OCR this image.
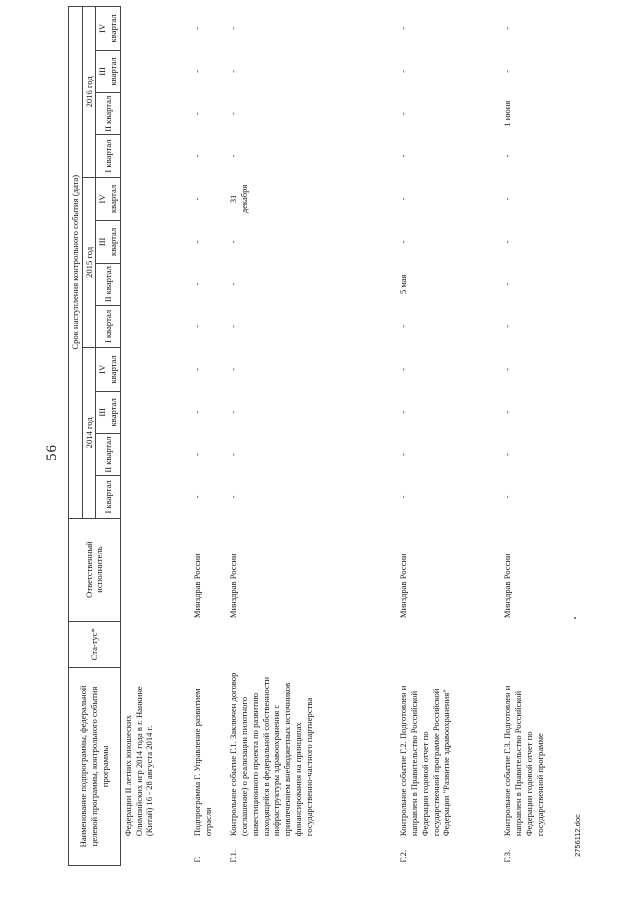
56
Наименование подпрограммы, федеральной целевой программы, контрольного события программы		Ста-тус*	Ответственный исполнитель	Срок наступления контрольного события (дата)											
				2014 год				2015 год				2016 год			
				I квартал	II квартал	III квартал	IV квартал	I квартал	II квартал	III квартал	IV квартал	I квартал	II квартал	III квартал	IV квартал
	Федерации II летних юношеских Олимпийских игр 2014 года в г. Нанкине (Китай) 16 - 28 августа 2014 г.														
Г.	Подпрограмма Г. Управление развитием отрасли		Минздрав России	-	-	-	-	-	-	-	-	-	-	-	-
Г.1.	Контрольное событие Г.1. Заключен договор (соглашение) о реализации пилотного инвестиционного проекта по развитию находящейся в федеральной собственности инфраструктуры здравоохранения с привлечением внебюджетных источников финансирования на принципах государственно-частного партнерства		Минздрав России	-	-	-	-	-	-	-	31 декабря	-	-	-	-
Г.2.	Контрольное событие Г.2. Подготовлен и направлен в Правительство Российской Федерации годовой отчет по государственной программе Российской Федерации "Развитие здравоохранения"		Минздрав России	-	-	-	-	-	5 мая	-	-	-	-	-	-
Г.3.	Контрольное событие Г.3. Подготовлен и направлен в Правительство Российской Федерации годовой отчет по государственной программе		Минздрав России	-	-	-	-	-	-	-	-	-	1 июня	-	-
2756112.doc
